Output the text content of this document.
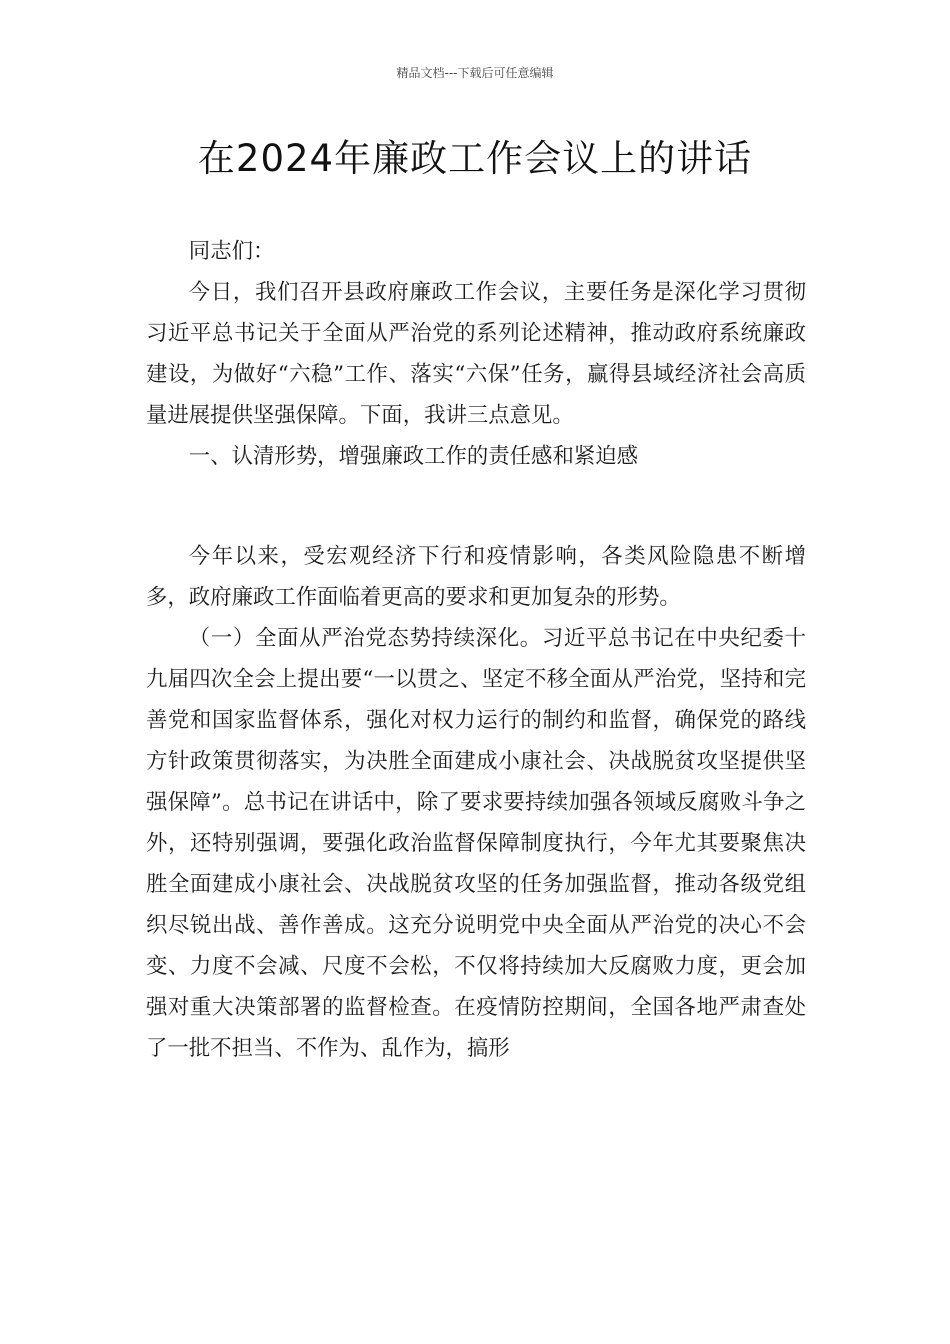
精品文档---下载后可任意编辑
在2024年廉政工作会议上的讲话

同志们：

今日，我们召开县政府廉政工作会议，主要任务是深化学习贯彻习近平总书记关于全面从严治党的系列论述精神，推动政府系统廉政建设，为做好“六稳”工作、落实“六保”任务，赢得县域经济社会高质量进展提供坚强保障。下面，我讲三点意见。

一、认清形势，增强廉政工作的责任感和紧迫感

今年以来，受宏观经济下行和疫情影响，各类风险隐患不断增多，政府廉政工作面临着更高的要求和更加复杂的形势。

（一）全面从严治党态势持续深化。习近平总书记在中央纪委十九届四次全会上提出要“一以贯之、坚定不移全面从严治党，坚持和完善党和国家监督体系，强化对权力运行的制约和监督，确保党的路线方针政策贯彻落实，为决胜全面建成小康社会、决战脱贫攻坚提供坚强保障”。总书记在讲话中，除了要求要持续加强各领域反腐败斗争之外，还特别强调，要强化政治监督保障制度执行，今年尤其要聚焦决胜全面建成小康社会、决战脱贫攻坚的任务加强监督，推动各级党组织尽锐出战、善作善成。这充分说明党中央全面从严治党的决心不会变、力度不会减、尺度不会松，不仅将持续加大反腐败力度，更会加强对重大决策部署的监督检查。在疫情防控期间，全国各地严肃查处了一批不担当、不作为、乱作为，搞形
